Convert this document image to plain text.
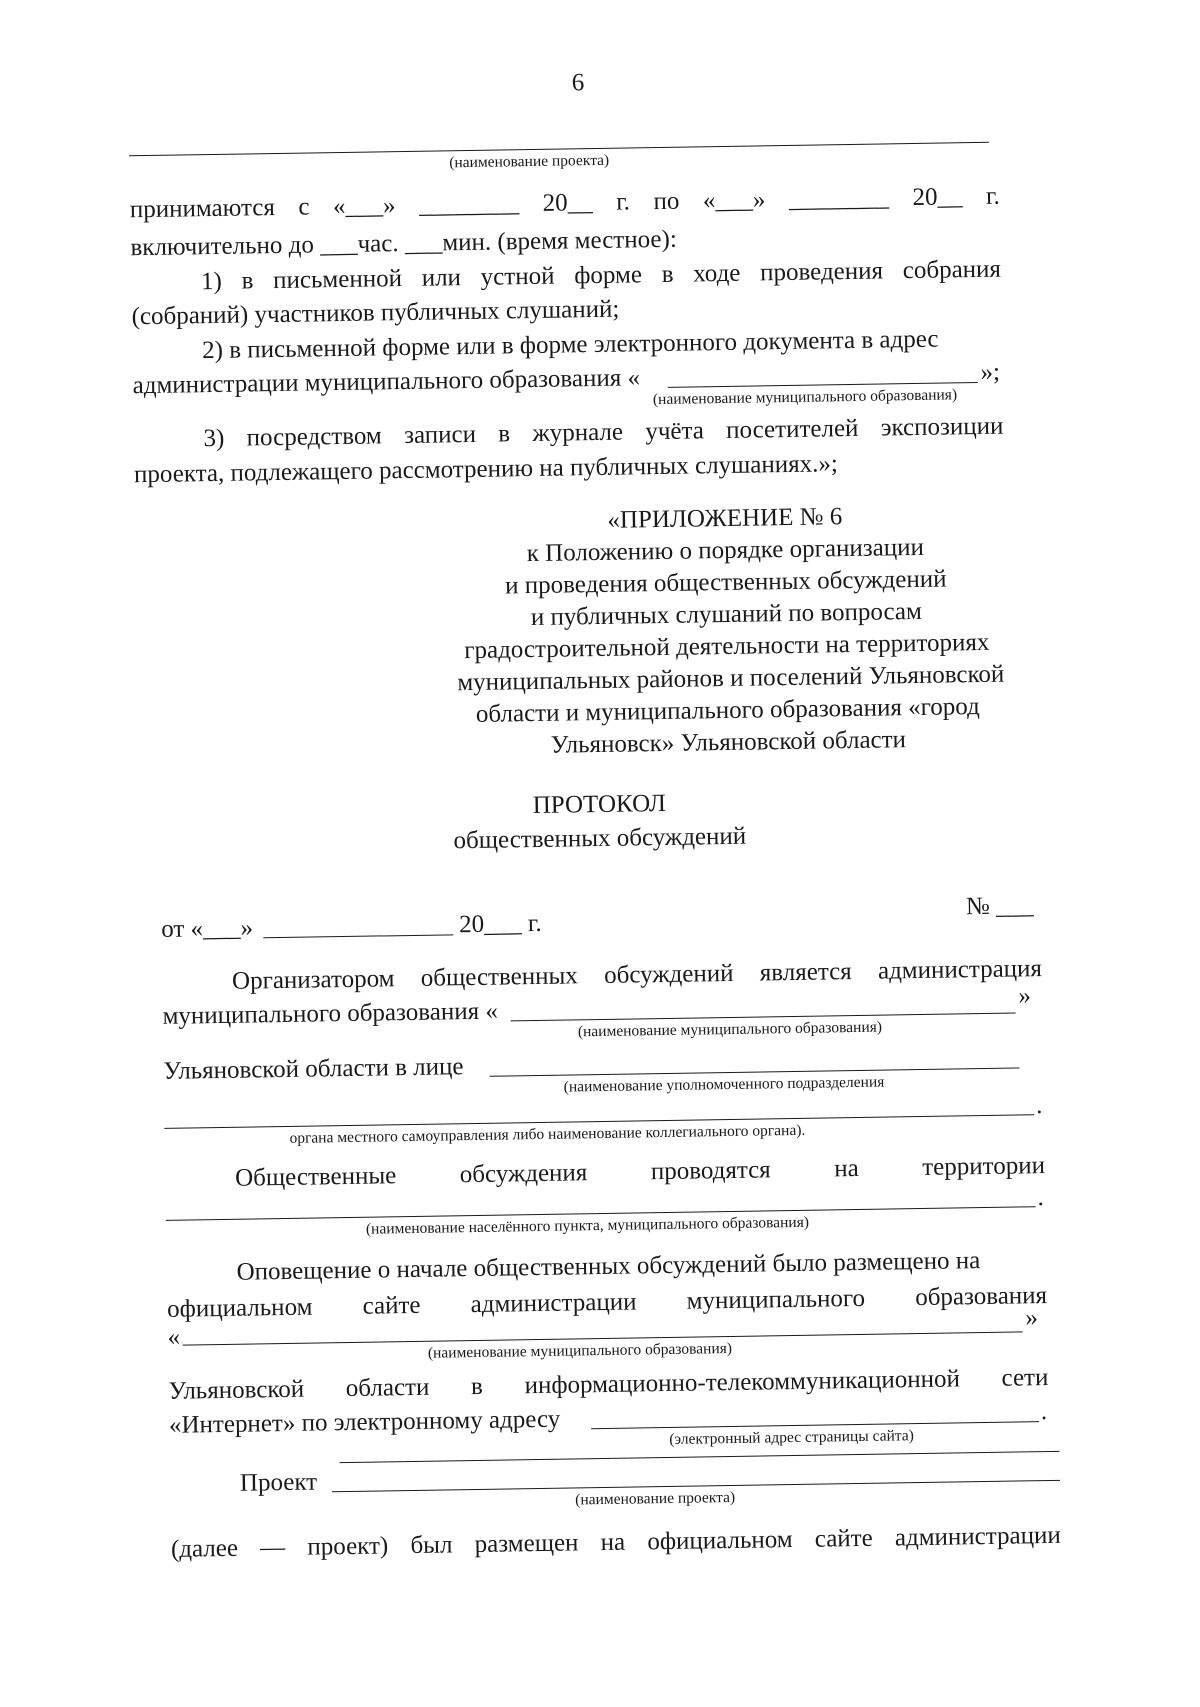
6
(наименование проекта)
принимаются с «___» ________ 20__ г. по «___» ________ 20__ г.
включительно до ___час. ___мин. (время местное):
1) в письменной или устной форме в ходе проведения собрания
(собраний) участников публичных слушаний;
2) в письменной форме или в форме электронного документа в адрес
администрации муниципального образования «	»;
(наименование муниципального образования)
3) посредством записи в журнале учёта посетителей экспозиции
проекта, подлежащего рассмотрению на публичных слушаниях.»;
«ПРИЛОЖЕНИЕ № 6
к Положению о порядке организации
и проведения общественных обсуждений
и публичных слушаний по вопросам
градостроительной деятельности на территориях
муниципальных районов и поселений Ульяновской
области и муниципального образования «город
Ульяновск» Ульяновской области
ПРОТОКОЛ
общественных обсуждений
от «___»	20___ г.
№ ___
Организатором общественных обсуждений является администрация
муниципального образования «
»
(наименование муниципального образования)
Ульяновской области в лице	(наименование уполномоченного подразделения
.
органа местного самоуправления либо наименование коллегиального органа).
Общественные	обсуждения	проводятся	на	территории
.
(наименование населённого пункта, муниципального образования)
Оповещение о начале общественных обсуждений было размещено на
официальном сайте администрации муниципального образования
«
»
(наименование муниципального образования)
Ульяновской области в информационно-телекоммуникационной сети
«Интернет» по электронному адресу	.
(электронный адрес страницы сайта)
Проект
(наименование проекта)
(далее — проект) был размещен на официальном сайте администрации
